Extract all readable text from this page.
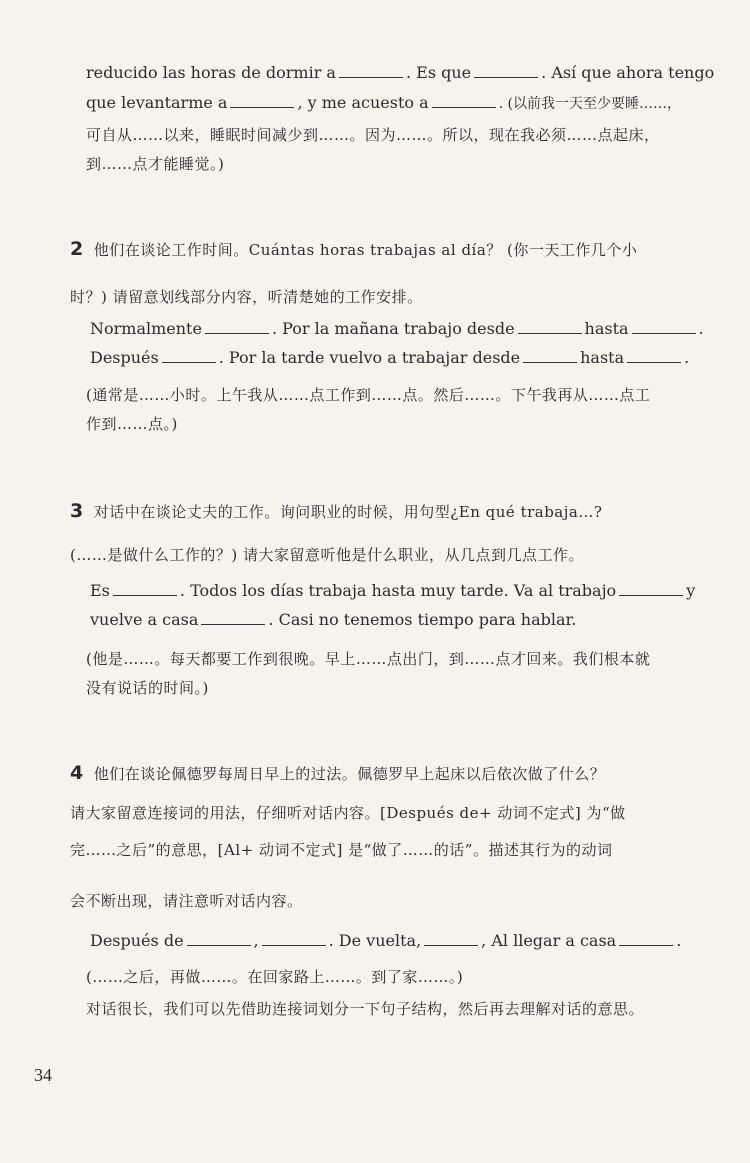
reducido las horas de dormir a	. Es que	. Así que ahora tengo
que levantarme a	, y me acuesto a	. (以前我一天至少要睡……，
可自从……以来，睡眠时间减少到……。因为……。所以，现在我必须……点起床，
到……点才能睡觉。)
2 他们在谈论工作时间。Cuántas horas trabajas al día？ (你一天工作几个小
时？) 请留意划线部分内容，听清楚她的工作安排。
Normalmente	. Por la mañana trabajo desde	hasta	.
Después	. Por la tarde vuelvo a trabajar desde	hasta	.
(通常是……小时。上午我从……点工作到……点。然后……。下午我再从……点工
作到……点。)
3 对话中在谈论丈夫的工作。询问职业的时候，用句型¿En qué trabaja…?
(……是做什么工作的？) 请大家留意听他是什么职业，从几点到几点工作。
Es	. Todos los días trabaja hasta muy tarde. Va al trabajo	y
vuelve a casa	. Casi no tenemos tiempo para hablar.
(他是……。每天都要工作到很晚。早上……点出门，到……点才回来。我们根本就
没有说话的时间。)
4 他们在谈论佩德罗每周日早上的过法。佩德罗早上起床以后依次做了什么？
请大家留意连接词的用法，仔细听对话内容。[Después de+ 动词不定式] 为“做
完……之后”的意思，[Al+ 动词不定式] 是“做了……的话”。描述其行为的动词
会不断出现，请注意听对话内容。
Después de	,	. De vuelta,	, Al llegar a casa	.
(……之后，再做……。在回家路上……。到了家……。)
对话很长，我们可以先借助连接词划分一下句子结构，然后再去理解对话的意思。
34
